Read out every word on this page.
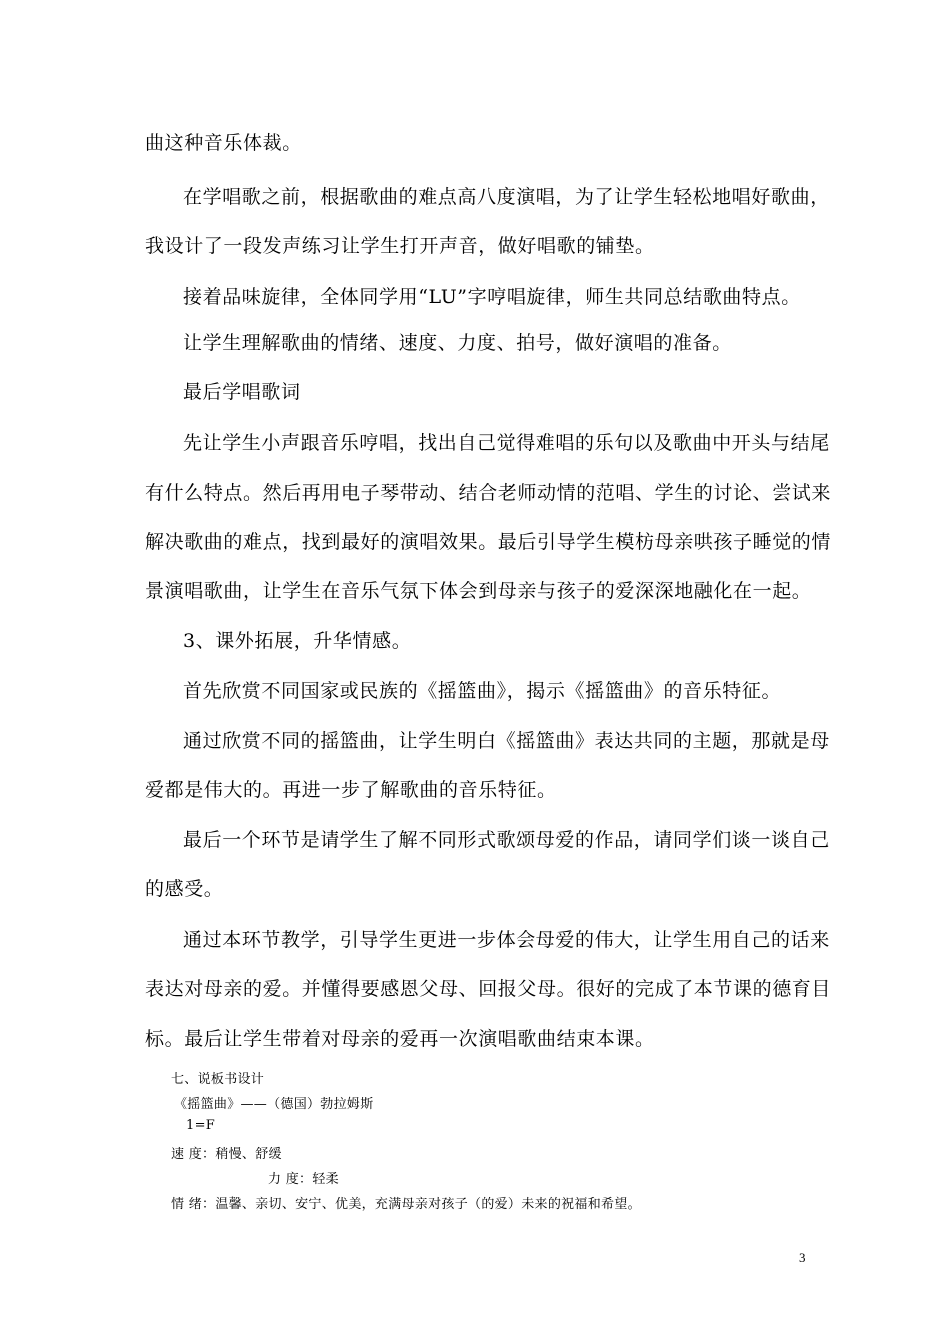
曲这种音乐体裁。
在学唱歌之前，根据歌曲的难点高八度演唱，为了让学生轻松地唱好歌曲，
我设计了一段发声练习让学生打开声音，做好唱歌的铺垫。
接着品味旋律，全体同学用“LU”字哼唱旋律，师生共同总结歌曲特点。
让学生理解歌曲的情绪、速度、力度、拍号，做好演唱的准备。
最后学唱歌词
先让学生小声跟音乐哼唱，找出自己觉得难唱的乐句以及歌曲中开头与结尾
有什么特点。然后再用电子琴带动、结合老师动情的范唱、学生的讨论、尝试来
解决歌曲的难点，找到最好的演唱效果。最后引导学生模枋母亲哄孩子睡觉的情
景演唱歌曲，让学生在音乐气氛下体会到母亲与孩子的爱深深地融化在一起。
3、课外拓展，升华情感。
首先欣赏不同国家或民族的《摇篮曲》，揭示《摇篮曲》的音乐特征。
通过欣赏不同的摇篮曲，让学生明白《摇篮曲》表达共同的主题，那就是母
爱都是伟大的。再进一步了解歌曲的音乐特征。
最后一个环节是请学生了解不同形式歌颂母爱的作品，请同学们谈一谈自己
的感受。
通过本环节教学，引导学生更进一步体会母爱的伟大，让学生用自己的话来
表达对母亲的爱。并懂得要感恩父母、回报父母。很好的完成了本节课的德育目
标。最后让学生带着对母亲的爱再一次演唱歌曲结束本课。
七、说板书设计
《摇篮曲》——（德国）勃拉姆斯
1=F
速 度：稍慢、舒缓
力 度：轻柔
情 绪：温馨、亲切、安宁、优美，充满母亲对孩子（的爱）未来的祝福和希望。
3
